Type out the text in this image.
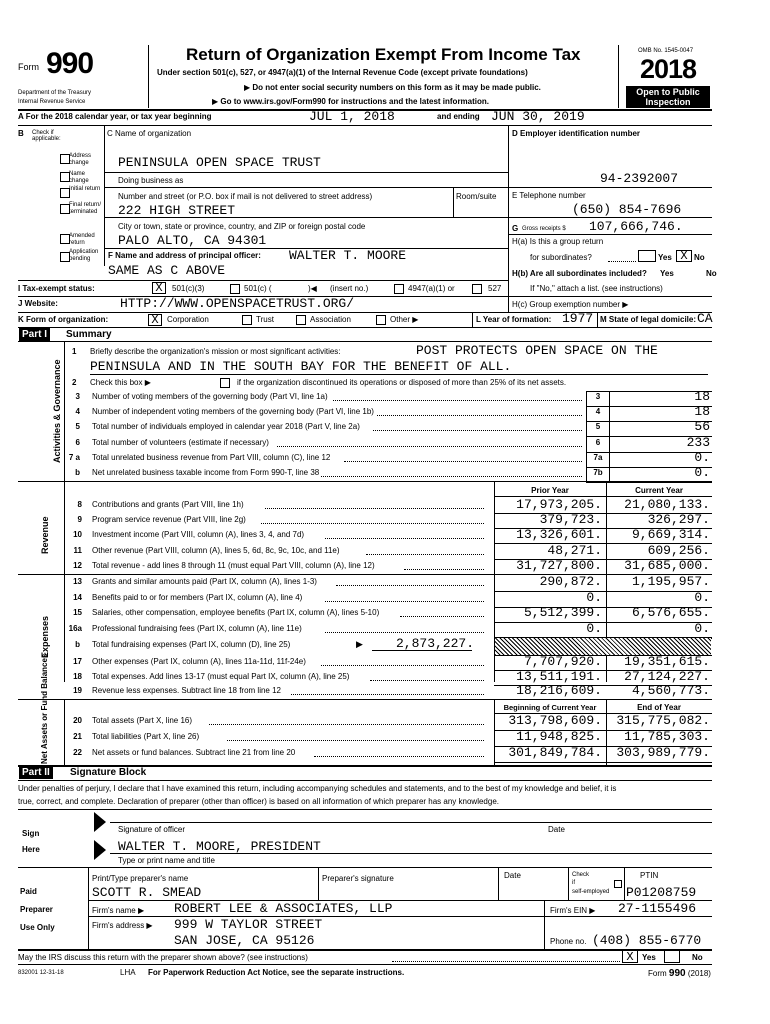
Form 990
Department of the Treasury
Internal Revenue Service
Return of Organization Exempt From Income Tax
Under section 501(c), 527, or 4947(a)(1) of the Internal Revenue Code (except private foundations)
▶ Do not enter social security numbers on this form as it may be made public.
▶ Go to www.irs.gov/Form990 for instructions and the latest information.
OMB No. 1545-0047
2018
Open to Public
Inspection
A For the 2018 calendar year, or tax year beginning	JUL 1, 2018	and ending JUN 30, 2019
B Check if applicable:
Address change
Name change
Initial return
Final return/ terminated
Amended return
Application pending
C Name of organization
PENINSULA OPEN SPACE TRUST
Doing business as
Number and street (or P.O. box if mail is not delivered to street address)	Room/suite
222 HIGH STREET
City or town, state or province, country, and ZIP or foreign postal code
PALO ALTO, CA 94301
F Name and address of principal officer: WALTER T. MOORE
SAME AS C ABOVE
D Employer identification number
94-2392007
E Telephone number
(650) 854-7696
G Gross receipts $ 107,666,746.
H(a) Is this a group return
for subordinates?	Yes X No
H(b) Are all subordinates included? Yes	No
If "No," attach a list. (see instructions)
H(c) Group exemption number ▶
I Tax-exempt status:	X	501(c)(3)	501(c) (	)◀ (insert no.)	4947(a)(1) or	527
J Website:	HTTP://WWW.OPENSPACETRUST.ORG/
K Form of organization:	X	Corporation	Trust	Association	Other ▶	L Year of formation: 1977 M State of legal domicile: CA
Part I	Summary
Activities & Governance
1 Briefly describe the organization's mission or most significant activities:	POST PROTECTS OPEN SPACE ON THE
PENINSULA AND IN THE SOUTH BAY FOR THE BENEFIT OF ALL.
2 Check this box ▶	if the organization discontinued its operations or disposed of more than 25% of its net assets.
3 Number of voting members of the governing body (Part VI, line 1a)	3	18
4 Number of independent voting members of the governing body (Part VI, line 1b)	4	18
5 Total number of individuals employed in calendar year 2018 (Part V, line 2a)	5	56
6 Total number of volunteers (estimate if necessary)	6	233
7 a Total unrelated business revenue from Part VIII, column (C), line 12	7a	0.
b Net unrelated business taxable income from Form 990-T, line 38	7b	0.
Prior Year	Current Year
Revenue
8 Contributions and grants (Part VIII, line 1h)	17,973,205.	21,080,133.
9 Program service revenue (Part VIII, line 2g)	379,723.	326,297.
10 Investment income (Part VIII, column (A), lines 3, 4, and 7d)	13,326,601.	9,669,314.
11 Other revenue (Part VIII, column (A), lines 5, 6d, 8c, 9c, 10c, and 11e)	48,271.	609,256.
12 Total revenue - add lines 8 through 11 (must equal Part VIII, column (A), line 12)	31,727,800.	31,685,000.
Expenses
13 Grants and similar amounts paid (Part IX, column (A), lines 1-3)	290,872.	1,195,957.
14 Benefits paid to or for members (Part IX, column (A), line 4)	0.	0.
15 Salaries, other compensation, employee benefits (Part IX, column (A), lines 5-10)	5,512,399.	6,576,655.
16a Professional fundraising fees (Part IX, column (A), line 11e)	0.	0.
b Total fundraising expenses (Part IX, column (D), line 25)	▶	2,873,227.
17 Other expenses (Part IX, column (A), lines 11a-11d, 11f-24e)	7,707,920.	19,351,615.
18 Total expenses. Add lines 13-17 (must equal Part IX, column (A), line 25)	13,511,191.	27,124,227.
19 Revenue less expenses. Subtract line 18 from line 12	18,216,609.	4,560,773.
Beginning of Current Year	End of Year
Net Assets or Fund Balances	20 Total assets (Part X, line 16)	313,798,609.	315,775,082.
21 Total liabilities (Part X, line 26)	11,948,825.	11,785,303.
22 Net assets or fund balances. Subtract line 21 from line 20	301,849,784.	303,989,779.
Part II	Signature Block
Under penalties of perjury, I declare that I have examined this return, including accompanying schedules and statements, and to the best of my knowledge and belief, it is
true, correct, and complete. Declaration of preparer (other than officer) is based on all information of which preparer has any knowledge.
Sign
Here
Signature of officer	Date
WALTER T. MOORE, PRESIDENT
Type or print name and title
Paid
Preparer
Use Only
Print/Type preparer's name	Preparer's signature	Date	Check
if
self-employed
PTIN
SCOTT R. SMEAD	P01208759
Firm's name ▶ ROBERT LEE & ASSOCIATES, LLP	Firm's EIN ▶ 27-1155496
Firm's address ▶ 999 W TAYLOR STREET
SAN JOSE, CA 95126	Phone no. (408) 855-6770
May the IRS discuss this return with the preparer shown above? (see instructions)	X	Yes	No
832001 12-31-18	LHA For Paperwork Reduction Act Notice, see the separate instructions.	Form 990 (2018)
